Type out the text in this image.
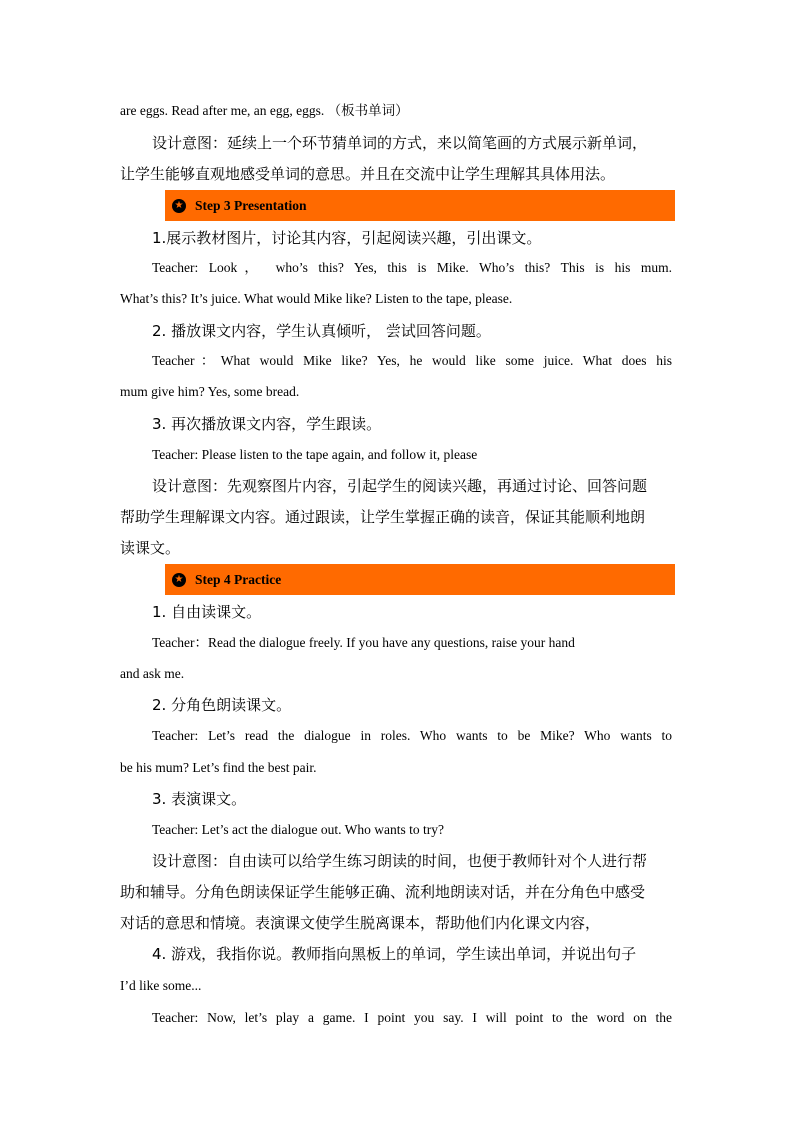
are eggs. Read after me, an egg, eggs. （板书单词）
设计意图：延续上一个环节猜单词的方式，来以简笔画的方式展示新单词，
让学生能够直观地感受单词的意思。并且在交流中让学生理解其具体用法。
★ Step 3 Presentation
1.展示教材图片，讨论其内容，引起阅读兴趣，引出课文。
Teacher: Look， who’s this? Yes, this is Mike. Who’s this? This is his mum.
What’s this? It’s juice. What would Mike like? Listen to the tape, please.
2. 播放课文内容，学生认真倾听， 尝试回答问题。
Teacher：What would Mike like? Yes, he would like some juice. What does his
mum give him? Yes, some bread.
3. 再次播放课文内容，学生跟读。
Teacher: Please listen to the tape again, and follow it, please
设计意图：先观察图片内容，引起学生的阅读兴趣，再通过讨论、回答问题
帮助学生理解课文内容。通过跟读，让学生掌握正确的读音，保证其能顺利地朗
读课文。
★ Step 4 Practice
1. 自由读课文。
Teacher：Read the dialogue freely. If you have any questions, raise your hand
and ask me.
2. 分角色朗读课文。
Teacher: Let’s read the dialogue in roles. Who wants to be Mike? Who wants to
be his mum? Let’s find the best pair.
3. 表演课文。
Teacher: Let’s act the dialogue out. Who wants to try?
设计意图：自由读可以给学生练习朗读的时间，也便于教师针对个人进行帮
助和辅导。分角色朗读保证学生能够正确、流利地朗读对话，并在分角色中感受
对话的意思和情境。表演课文使学生脱离课本，帮助他们内化课文内容，
4. 游戏，我指你说。教师指向黑板上的单词，学生读出单词，并说出句子
I’d like some...
Teacher: Now, let’s play a game. I point you say. I will point to the word on the
